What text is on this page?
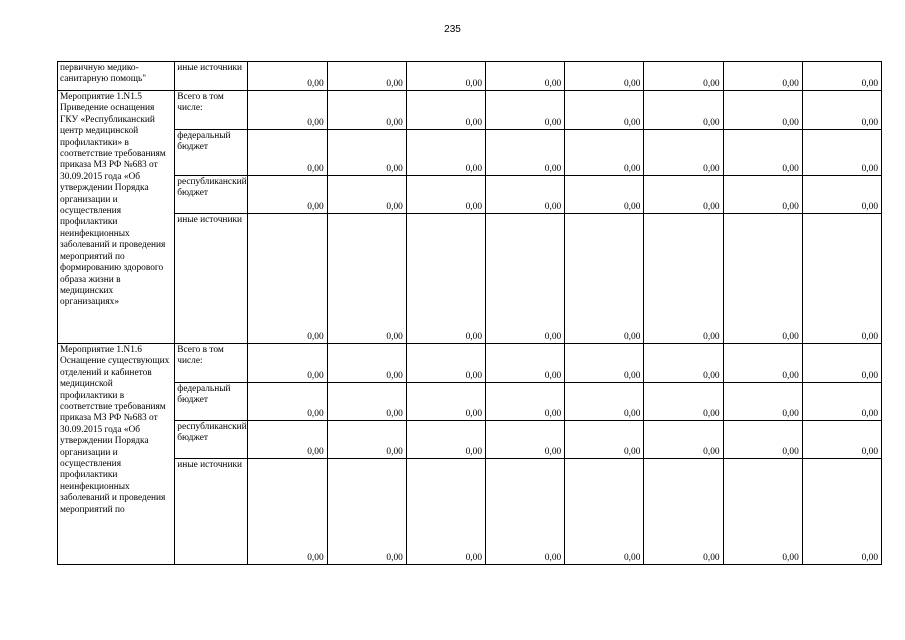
235
первичную медико-санитарную помощь"	иные источники	0,00	0,00	0,00	0,00	0,00	0,00	0,00	0,00
Мероприятие 1.N1.5 Приведение оснащения ГКУ «Республиканский центр медицинской профилактики» в соответствие требованиям приказа МЗ РФ №683 от 30.09.2015 года «Об утверждении Порядка организации и осуществления профилактики неинфекционных заболеваний и проведения мероприятий по формированию здорового образа жизни в медицинских организациях»	Всего в том числе:	0,00	0,00	0,00	0,00	0,00	0,00	0,00	0,00
	федеральный бюджет	0,00	0,00	0,00	0,00	0,00	0,00	0,00	0,00
	республиканский бюджет	0,00	0,00	0,00	0,00	0,00	0,00	0,00	0,00
	иные источники	0,00	0,00	0,00	0,00	0,00	0,00	0,00	0,00
Мероприятие 1.N1.6 Оснащение существующих отделений и кабинетов медицинской профилактики в соответствие требованиям приказа МЗ РФ №683 от 30.09.2015 года «Об утверждении Порядка организации и осуществления профилактики неинфекционных заболеваний и проведения мероприятий по	Всего в том числе:	0,00	0,00	0,00	0,00	0,00	0,00	0,00	0,00
	федеральный бюджет	0,00	0,00	0,00	0,00	0,00	0,00	0,00	0,00
	республиканский бюджет	0,00	0,00	0,00	0,00	0,00	0,00	0,00	0,00
	иные источники	0,00	0,00	0,00	0,00	0,00	0,00	0,00	0,00
